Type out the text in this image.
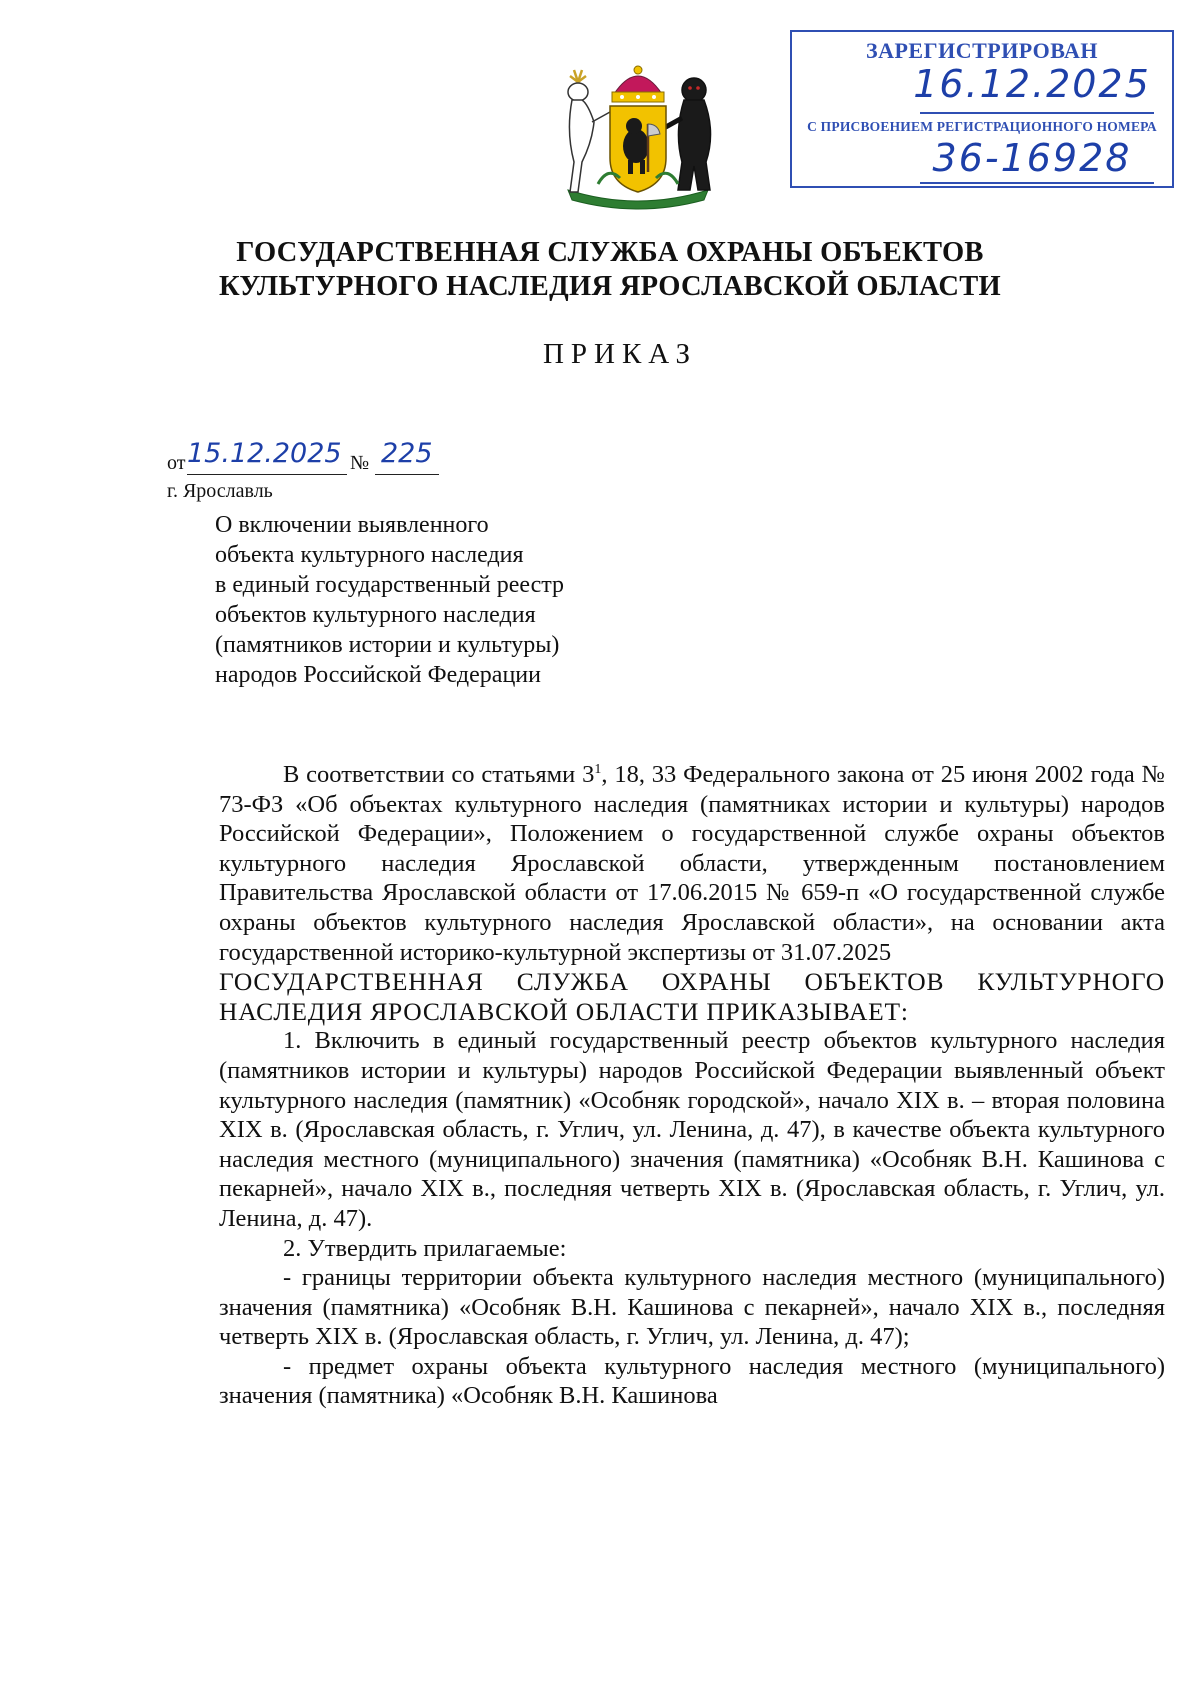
ЗАРЕГИСТРИРОВАН
16.12.2025
С ПРИСВОЕНИЕМ РЕГИСТРАЦИОННОГО НОМЕРА
36-16928
ГОСУДАРСТВЕННАЯ СЛУЖБА ОХРАНЫ ОБЪЕКТОВ
КУЛЬТУРНОГО НАСЛЕДИЯ ЯРОСЛАВСКОЙ ОБЛАСТИ
ПРИКАЗ
от 15.12.2025 № 225
г. Ярославль
О включении выявленного
объекта культурного наследия
в единый государственный реестр
объектов культурного наследия
(памятников истории и культуры)
народов Российской Федерации

В соответствии со статьями $3^1$, 18, 33 Федерального закона от 25 июня 2002 года № 73-ФЗ «Об объектах культурного наследия (памятниках истории и культуры) народов Российской Федерации», Положением о государственной службе охраны объектов культурного наследия Ярославской области, утвержденным постановлением Правительства Ярославской области от 17.06.2015 № 659-п «О государственной службе охраны объектов культурного наследия Ярославской области», на основании акта государственной историко-культурной экспертизы от 31.07.2025

ГОСУДАРСТВЕННАЯ СЛУЖБА ОХРАНЫ ОБЪЕКТОВ КУЛЬТУРНОГО НАСЛЕДИЯ ЯРОСЛАВСКОЙ ОБЛАСТИ ПРИКАЗЫВАЕТ:

1. Включить в единый государственный реестр объектов культурного наследия (памятников истории и культуры) народов Российской Федерации выявленный объект культурного наследия (памятник) «Особняк городской», начало XIX в. – вторая половина XIX в. (Ярославская область, г. Углич, ул. Ленина, д. 47), в качестве объекта культурного наследия местного (муниципального) значения (памятника) «Особняк В.Н. Кашинова с пекарней», начало XIX в., последняя четверть XIX в. (Ярославская область, г. Углич, ул. Ленина, д. 47).

2. Утвердить прилагаемые:

- границы территории объекта культурного наследия местного (муниципального) значения (памятника) «Особняк В.Н. Кашинова с пекарней», начало XIX в., последняя четверть XIX в. (Ярославская область, г. Углич, ул. Ленина, д. 47);

- предмет охраны объекта культурного наследия местного (муниципального) значения (памятника) «Особняк В.Н. Кашинова
